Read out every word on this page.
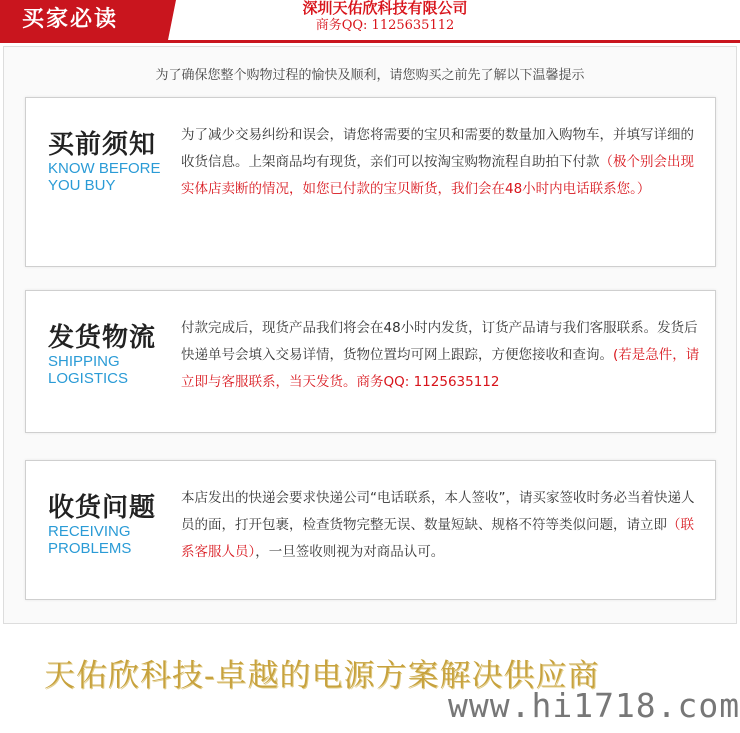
买家必读	深圳天佑欣科技有限公司
商务QQ: 1125635112
为了确保您整个购物过程的愉快及顺利，请您购买之前先了解以下温馨提示
买前须知
KNOW BEFORE
YOU BUY
为了减少交易纠纷和误会，请您将需要的宝贝和需要的数量加入购物车，并填写详细的收货信息。上架商品均有现货，亲们可以按淘宝购物流程自助拍下付款（极个别会出现实体店卖断的情况，如您已付款的宝贝断货，我们会在48小时内电话联系您。）
发货物流
SHIPPING
LOGISTICS
付款完成后，现货产品我们将会在48小时内发货，订货产品请与我们客服联系。发货后快递单号会填入交易详情，货物位置均可网上跟踪，方便您接收和查询。(若是急件，请立即与客服联系，当天发货。商务QQ: 1125635112
收货问题
RECEIVING
PROBLEMS
本店发出的快递会要求快递公司“电话联系，本人签收”，请买家签收时务必当着快递人员的面，打开包裹，检查货物完整无误、数量短缺、规格不符等类似问题，请立即（联系客服人员），一旦签收则视为对商品认可。
天佑欣科技-卓越的电源方案解决供应商
www.hi1718.com
